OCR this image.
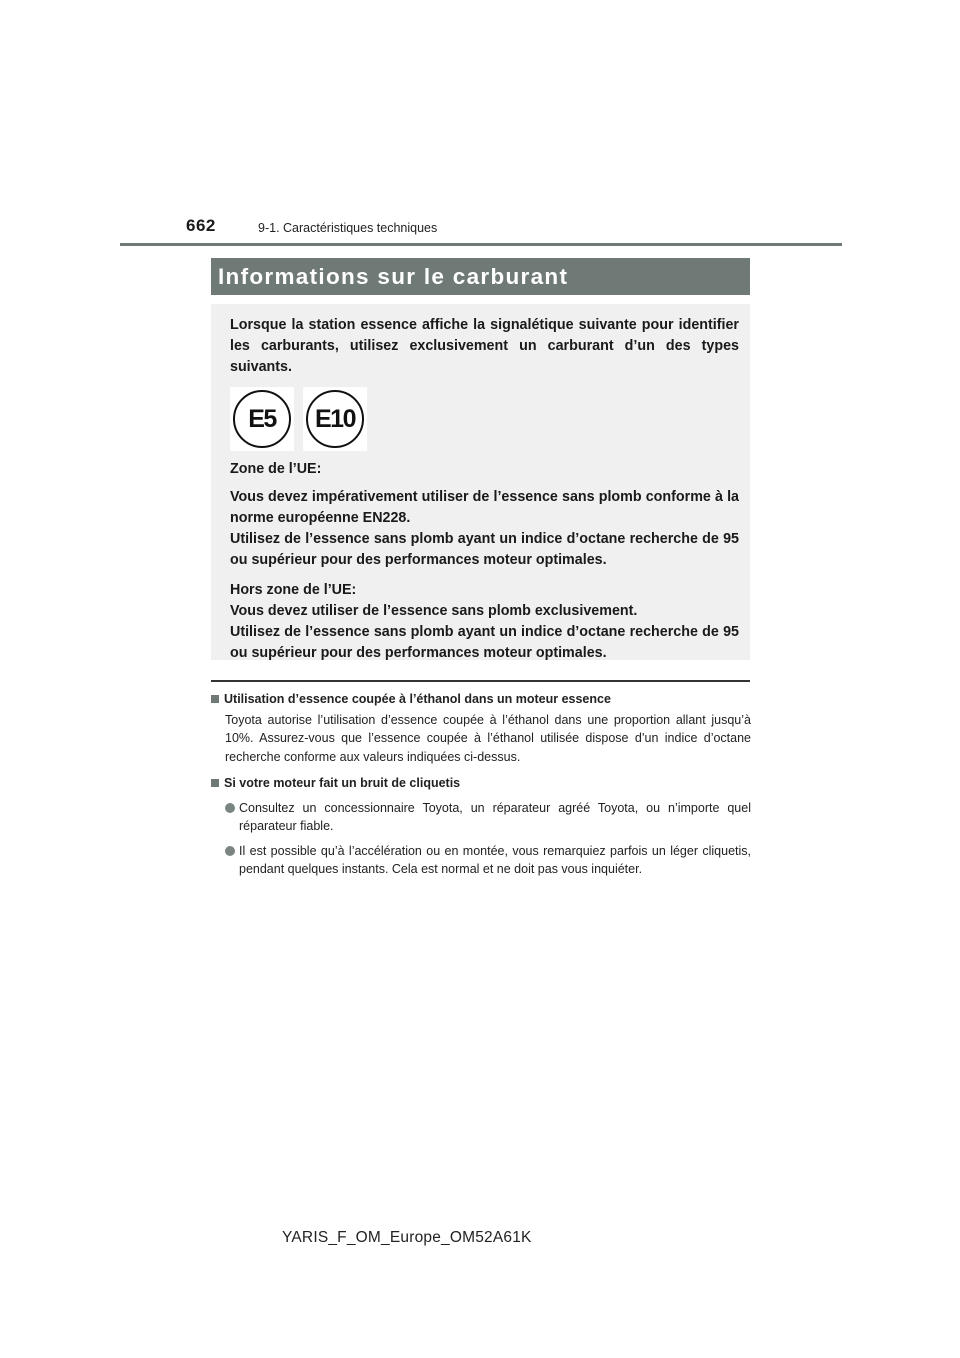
662	9-1. Caractéristiques techniques
Informations sur le carburant

Lorsque la station essence affiche la signalétique suivante pour identifier les carburants, utilisez exclusivement un carburant d’un des types suivants.

E5	E10

Zone de l’UE:

Vous devez impérativement utiliser de l’essence sans plomb conforme à la norme européenne EN228.

Utilisez de l’essence sans plomb ayant un indice d’octane recherche de 95 ou supérieur pour des performances moteur optimales.

Hors zone de l’UE:

Vous devez utiliser de l’essence sans plomb exclusivement.

Utilisez de l’essence sans plomb ayant un indice d’octane recherche de 95 ou supérieur pour des performances moteur optimales.

Utilisation d’essence coupée à l’éthanol dans un moteur essence
Toyota autorise l’utilisation d’essence coupée à l’éthanol dans une proportion allant jusqu’à 10%. Assurez-vous que l’essence coupée à l’éthanol utilisée dispose d’un indice d’octane recherche conforme aux valeurs indiquées ci-dessus.
Si votre moteur fait un bruit de cliquetis
Consultez un concessionnaire Toyota, un réparateur agréé Toyota, ou n’importe quel réparateur fiable.
Il est possible qu’à l’accélération ou en montée, vous remarquiez parfois un léger cliquetis, pendant quelques instants. Cela est normal et ne doit pas vous inquiéter.
YARIS_F_OM_Europe_OM52A61K
